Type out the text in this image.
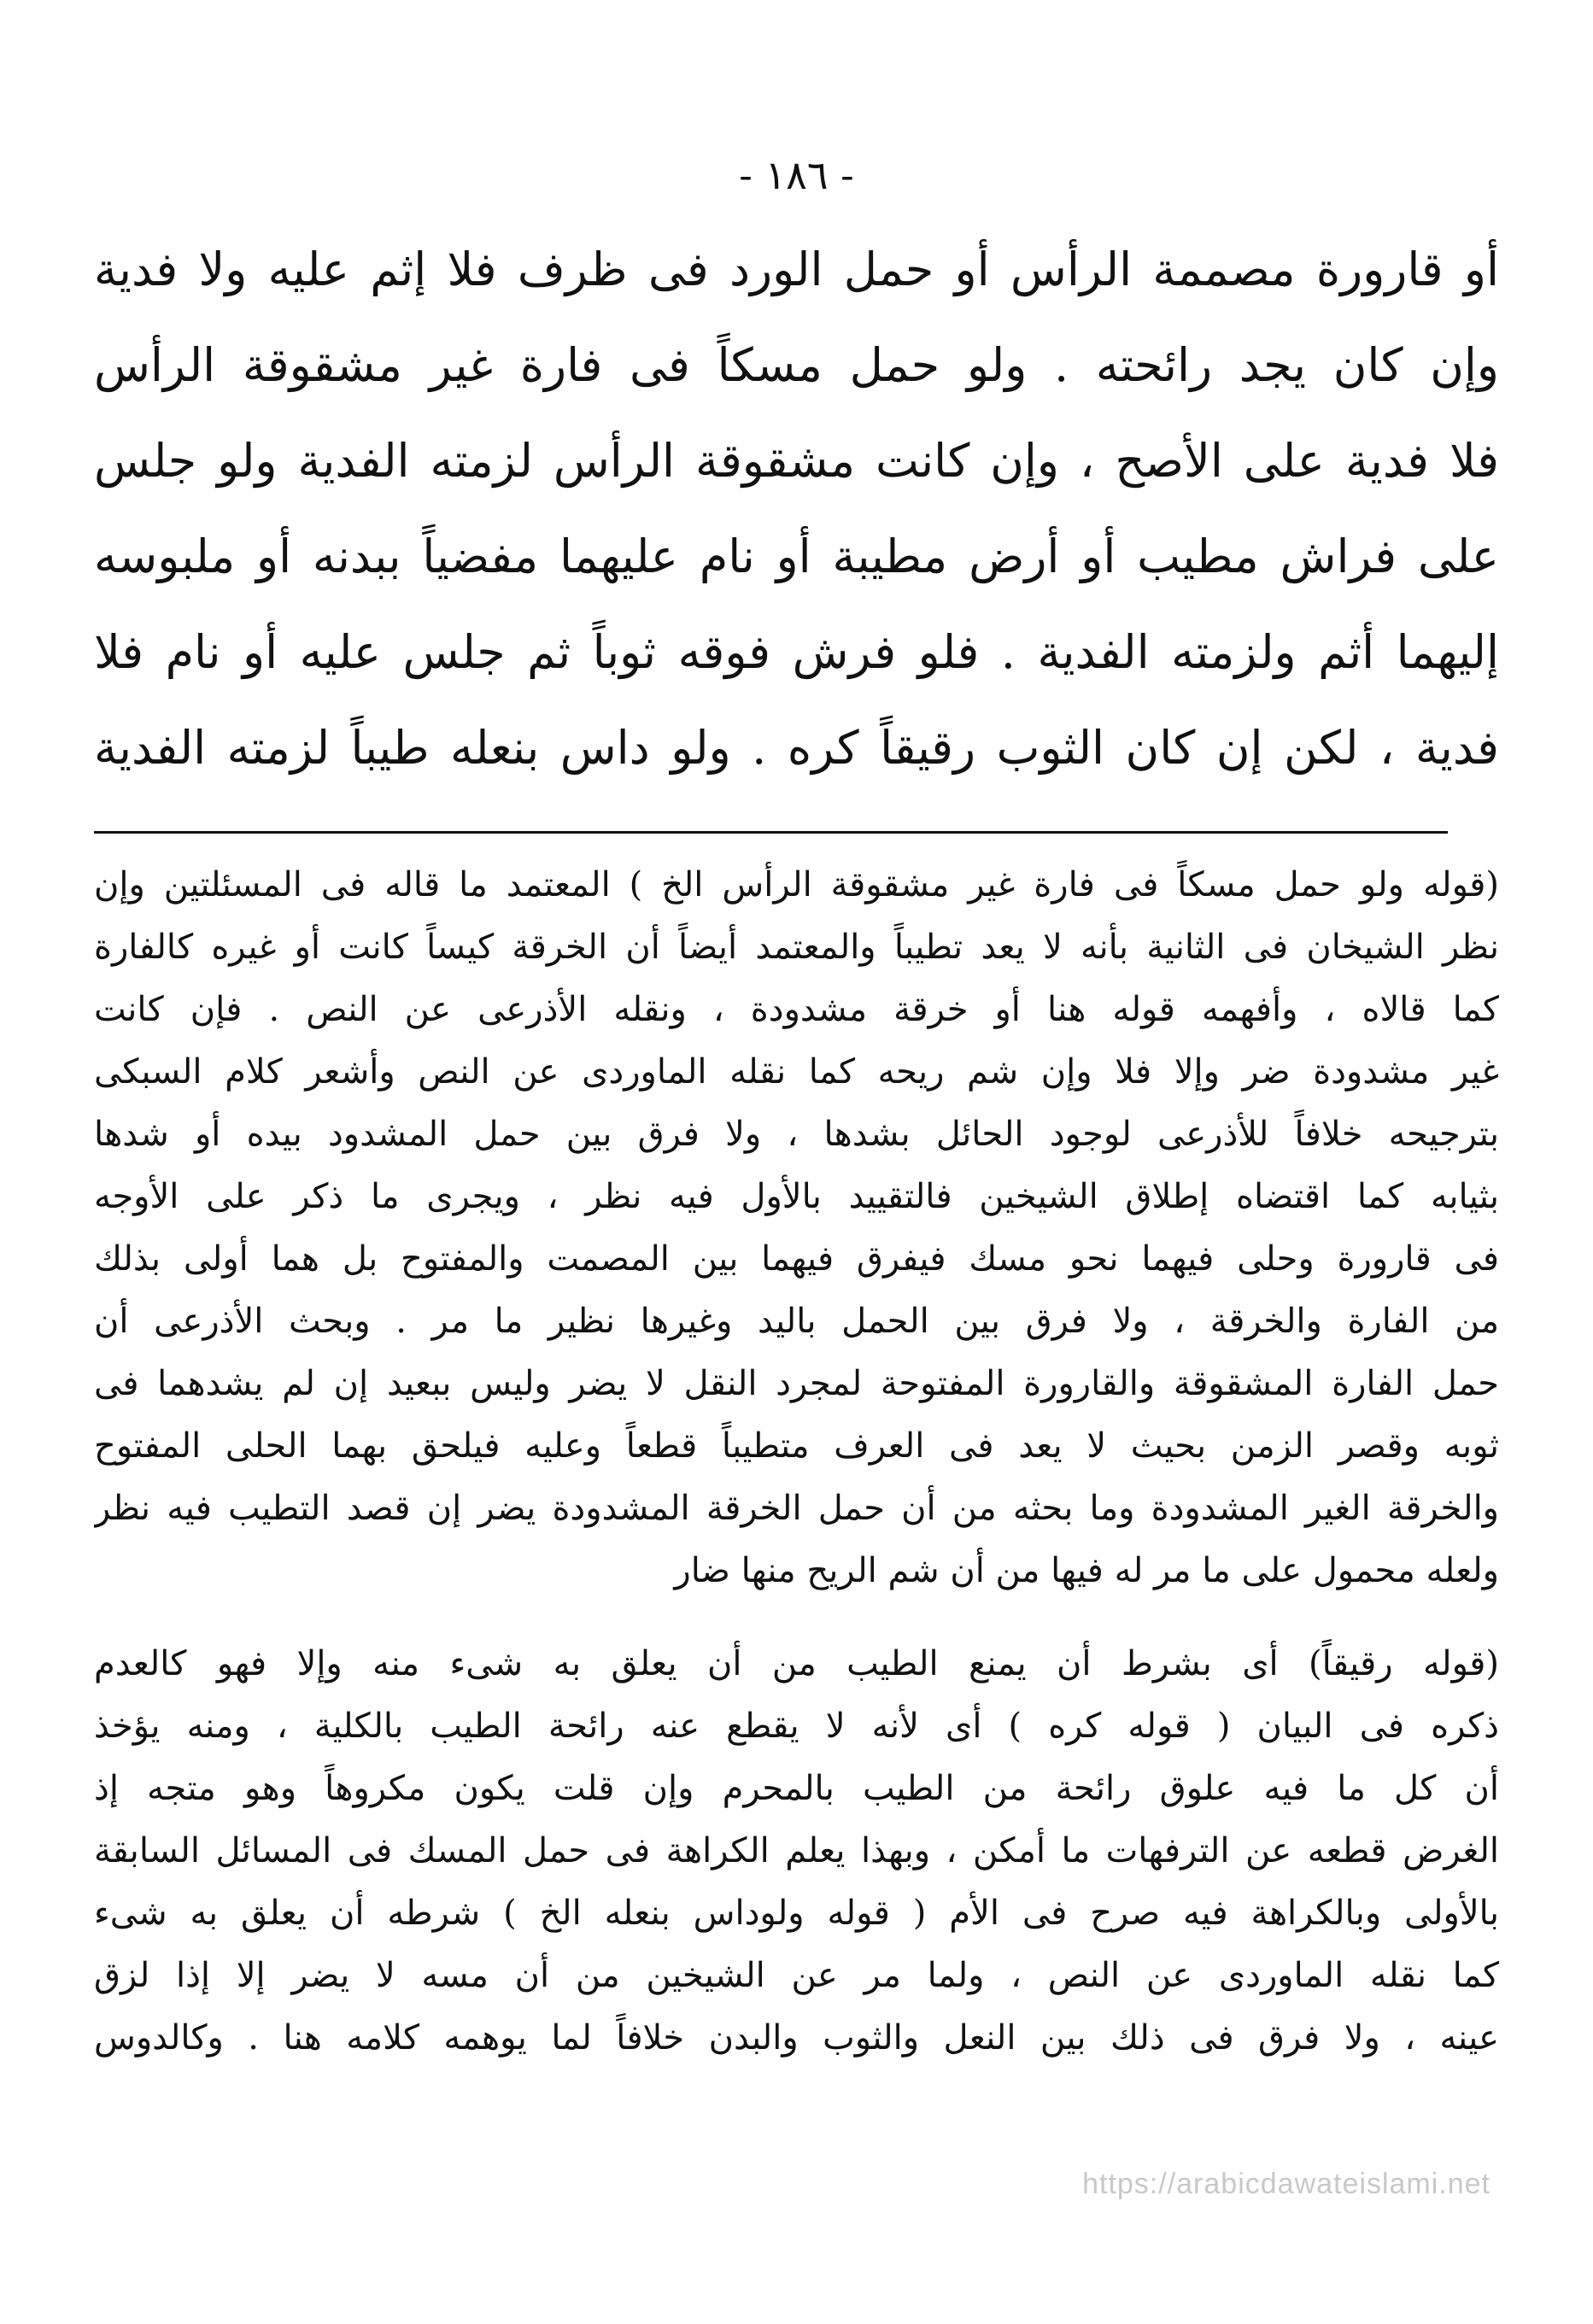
- ١٨٦ -
أو قارورة مصممة الرأس أو حمل الورد فى ظرف فلا إثم عليه ولا فدية
وإن كان يجد رائحته . ولو حمل مسكاً فى فارة غير مشقوقة الرأس
فلا فدية على الأصح ، وإن كانت مشقوقة الرأس لزمته الفدية ولو جلس
على فراش مطيب أو أرض مطيبة أو نام عليهما مفضياً ببدنه أو ملبوسه
إليهما أثم ولزمته الفدية . فلو فرش فوقه ثوباً ثم جلس عليه أو نام فلا
فدية ، لكن إن كان الثوب رقيقاً كره . ولو داس بنعله طيباً لزمته الفدية
(قوله ولو حمل مسكاً فى فارة غير مشقوقة الرأس الخ ) المعتمد ما قاله فى المسئلتين وإن
نظر الشيخان فى الثانية بأنه لا يعد تطيباً والمعتمد أيضاً أن الخرقة كيساً كانت أو غيره كالفارة
كما قالاه ، وأفهمه قوله هنا أو خرقة مشدودة ، ونقله الأذرعى عن النص . فإن كانت
غير مشدودة ضر وإلا فلا وإن شم ريحه كما نقله الماوردى عن النص وأشعر كلام السبكى
بترجيحه خلافاً للأذرعى لوجود الحائل بشدها ، ولا فرق بين حمل المشدود بيده أو شدها
بثيابه كما اقتضاه إطلاق الشيخين فالتقييد بالأول فيه نظر ، ويجرى ما ذكر على الأوجه
فى قارورة وحلى فيهما نحو مسك فيفرق فيهما بين المصمت والمفتوح بل هما أولى بذلك
من الفارة والخرقة ، ولا فرق بين الحمل باليد وغيرها نظير ما مر . وبحث الأذرعى أن
حمل الفارة المشقوقة والقارورة المفتوحة لمجرد النقل لا يضر وليس ببعيد إن لم يشدهما فى
ثوبه وقصر الزمن بحيث لا يعد فى العرف متطيباً قطعاً وعليه فيلحق بهما الحلى المفتوح
والخرقة الغير المشدودة وما بحثه من أن حمل الخرقة المشدودة يضر إن قصد التطيب فيه نظر
ولعله محمول على ما مر له فيها من أن شم الريح منها ضار
(قوله رقيقاً) أى بشرط أن يمنع الطيب من أن يعلق به شىء منه وإلا فهو كالعدم
ذكره فى البيان ( قوله كره ) أى لأنه لا يقطع عنه رائحة الطيب بالكلية ، ومنه يؤخذ
أن كل ما فيه علوق رائحة من الطيب بالمحرم وإن قلت يكون مكروهاً وهو متجه إذ
الغرض قطعه عن الترفهات ما أمكن ، وبهذا يعلم الكراهة فى حمل المسك فى المسائل السابقة
بالأولى وبالكراهة فيه صرح فى الأم ( قوله ولوداس بنعله الخ ) شرطه أن يعلق به شىء
كما نقله الماوردى عن النص ، ولما مر عن الشيخين من أن مسه لا يضر إلا إذا لزق
عينه ، ولا فرق فى ذلك بين النعل والثوب والبدن خلافاً لما يوهمه كلامه هنا . وكالدوس
https://arabicdawateislami.net
